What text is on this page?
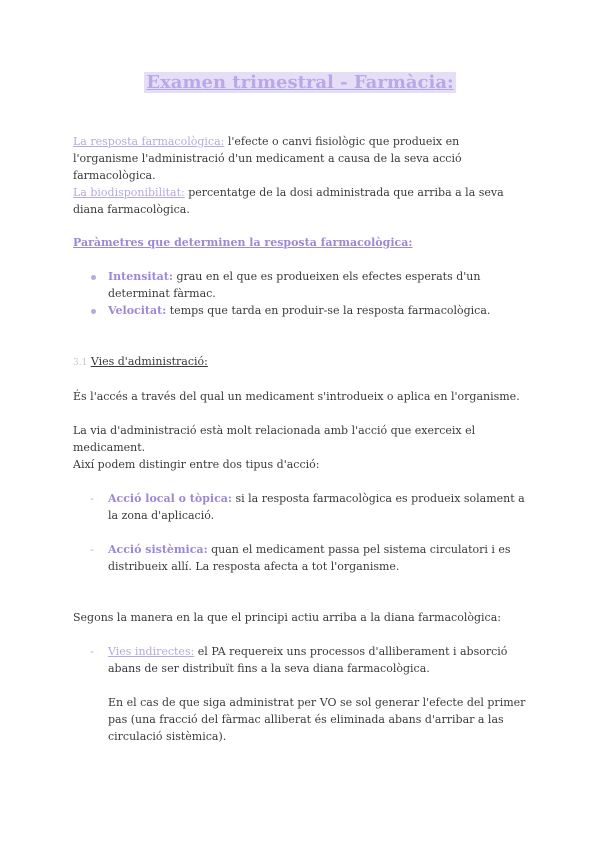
Examen trimestral - Farmàcia:
La resposta farmacològica: l'efecte o canvi fisiològic que produeix en l'organisme l'administració d'un medicament a causa de la seva acció farmacològica.
La biodisponibilitat: percentatge de la dosi administrada que arriba a la seva diana farmacològica.
Paràmetres que determinen la resposta farmacològica:
Intensitat: grau en el que es produeixen els efectes esperats d'un determinat fàrmac.
Velocitat: temps que tarda en produir-se la resposta farmacològica.
3.1 Vies d'administració:
És l'accés a través del qual un medicament s'introdueix o aplica en l'organisme.
La via d'administració està molt relacionada amb l'acció que exerceix el medicament.
Així podem distingir entre dos tipus d'acció:
- Acció local o tòpica: si la resposta farmacològica es produeix solament a la zona d'aplicació.
- Acció sistèmica: quan el medicament passa pel sistema circulatori i es distribueix allí. La resposta afecta a tot l'organisme.
Segons la manera en la que el principi actiu arriba a la diana farmacològica:
- Vies indirectes: el PA requereix uns processos d'alliberament i absorció abans de ser distribuït fins a la seva diana farmacològica.
En el cas de que siga administrat per VO se sol generar l'efecte del primer pas (una fracció del fàrmac alliberat és eliminada abans d'arribar a las circulació sistèmica).
